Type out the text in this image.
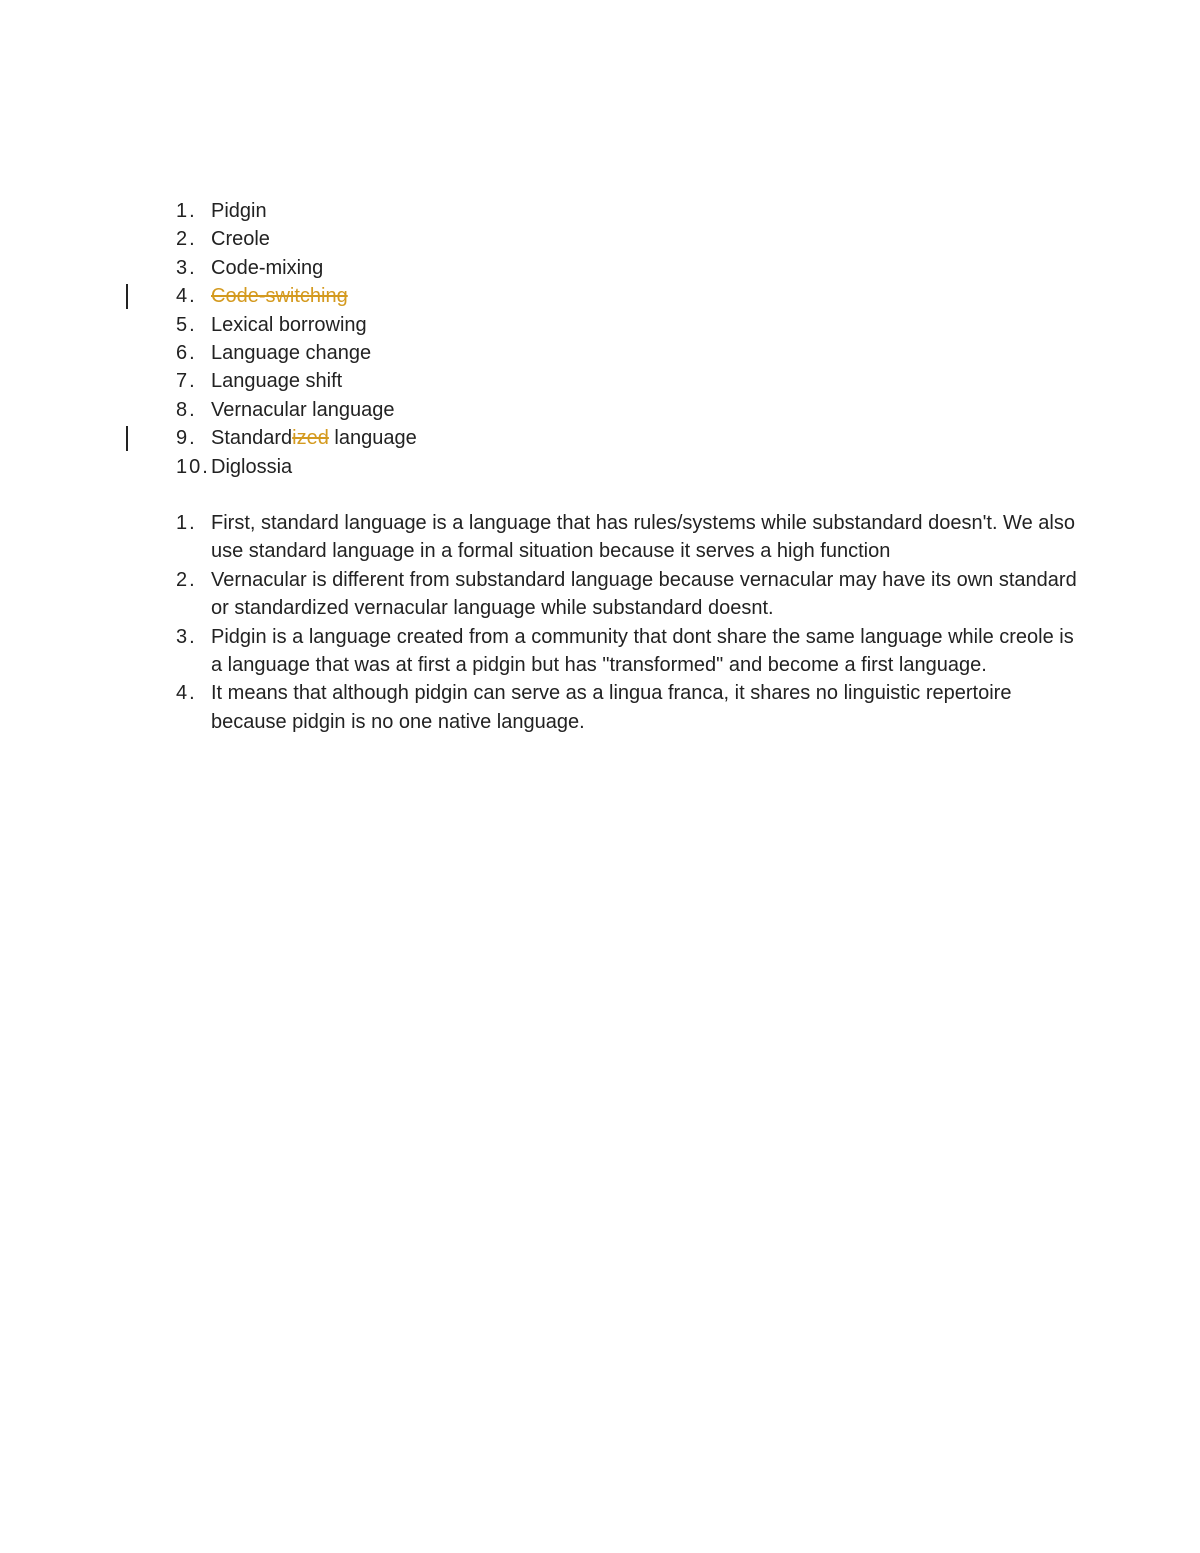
1. Pidgin
2. Creole
3. Code-mixing
4. Code-switching
5. Lexical borrowing
6. Language change
7. Language shift
8. Vernacular language
9. Standardized language
10. Diglossia
1. First, standard language is a language that has rules/systems while substandard doesn't. We also use standard language in a formal situation because it serves a high function
2. Vernacular is different from substandard language because vernacular may have its own standard or standardized vernacular language while substandard doesnt.
3. Pidgin is a language created from a community that dont share the same language while creole is a language that was at first a pidgin but has "transformed" and become a first language.
4. It means that although pidgin can serve as a lingua franca, it shares no linguistic repertoire because pidgin is no one native language.
